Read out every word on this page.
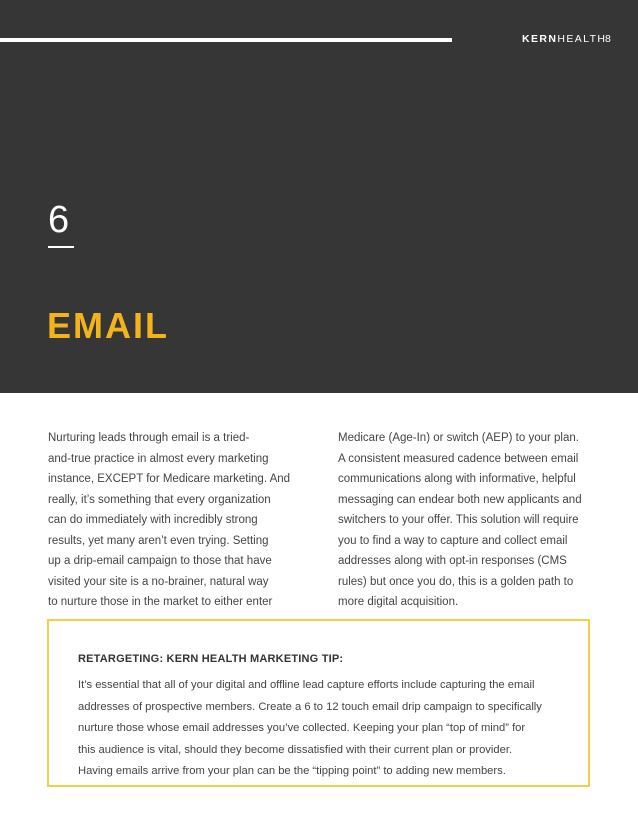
KERNHEALTH
8
6
EMAIL
Nurturing leads through email is a tried-
and-true practice in almost every marketing
instance, EXCEPT for Medicare marketing. And
really, it’s something that every organization
can do immediately with incredibly strong
results, yet many aren’t even trying. Setting
up a drip-email campaign to those that have
visited your site is a no-brainer, natural way
to nurture those in the market to either enter
Medicare (Age-In) or switch (AEP) to your plan.
A consistent measured cadence between email
communications along with informative, helpful
messaging can endear both new applicants and
switchers to your offer. This solution will require
you to find a way to capture and collect email
addresses along with opt-in responses (CMS
rules) but once you do, this is a golden path to
more digital acquisition.
RETARGETING: KERN HEALTH MARKETING TIP:
It’s essential that all of your digital and offline lead capture efforts include capturing the email
addresses of prospective members. Create a 6 to 12 touch email drip campaign to specifically
nurture those whose email addresses you’ve collected. Keeping your plan “top of mind” for
this audience is vital, should they become dissatisfied with their current plan or provider.
Having emails arrive from your plan can be the “tipping point” to adding new members.
